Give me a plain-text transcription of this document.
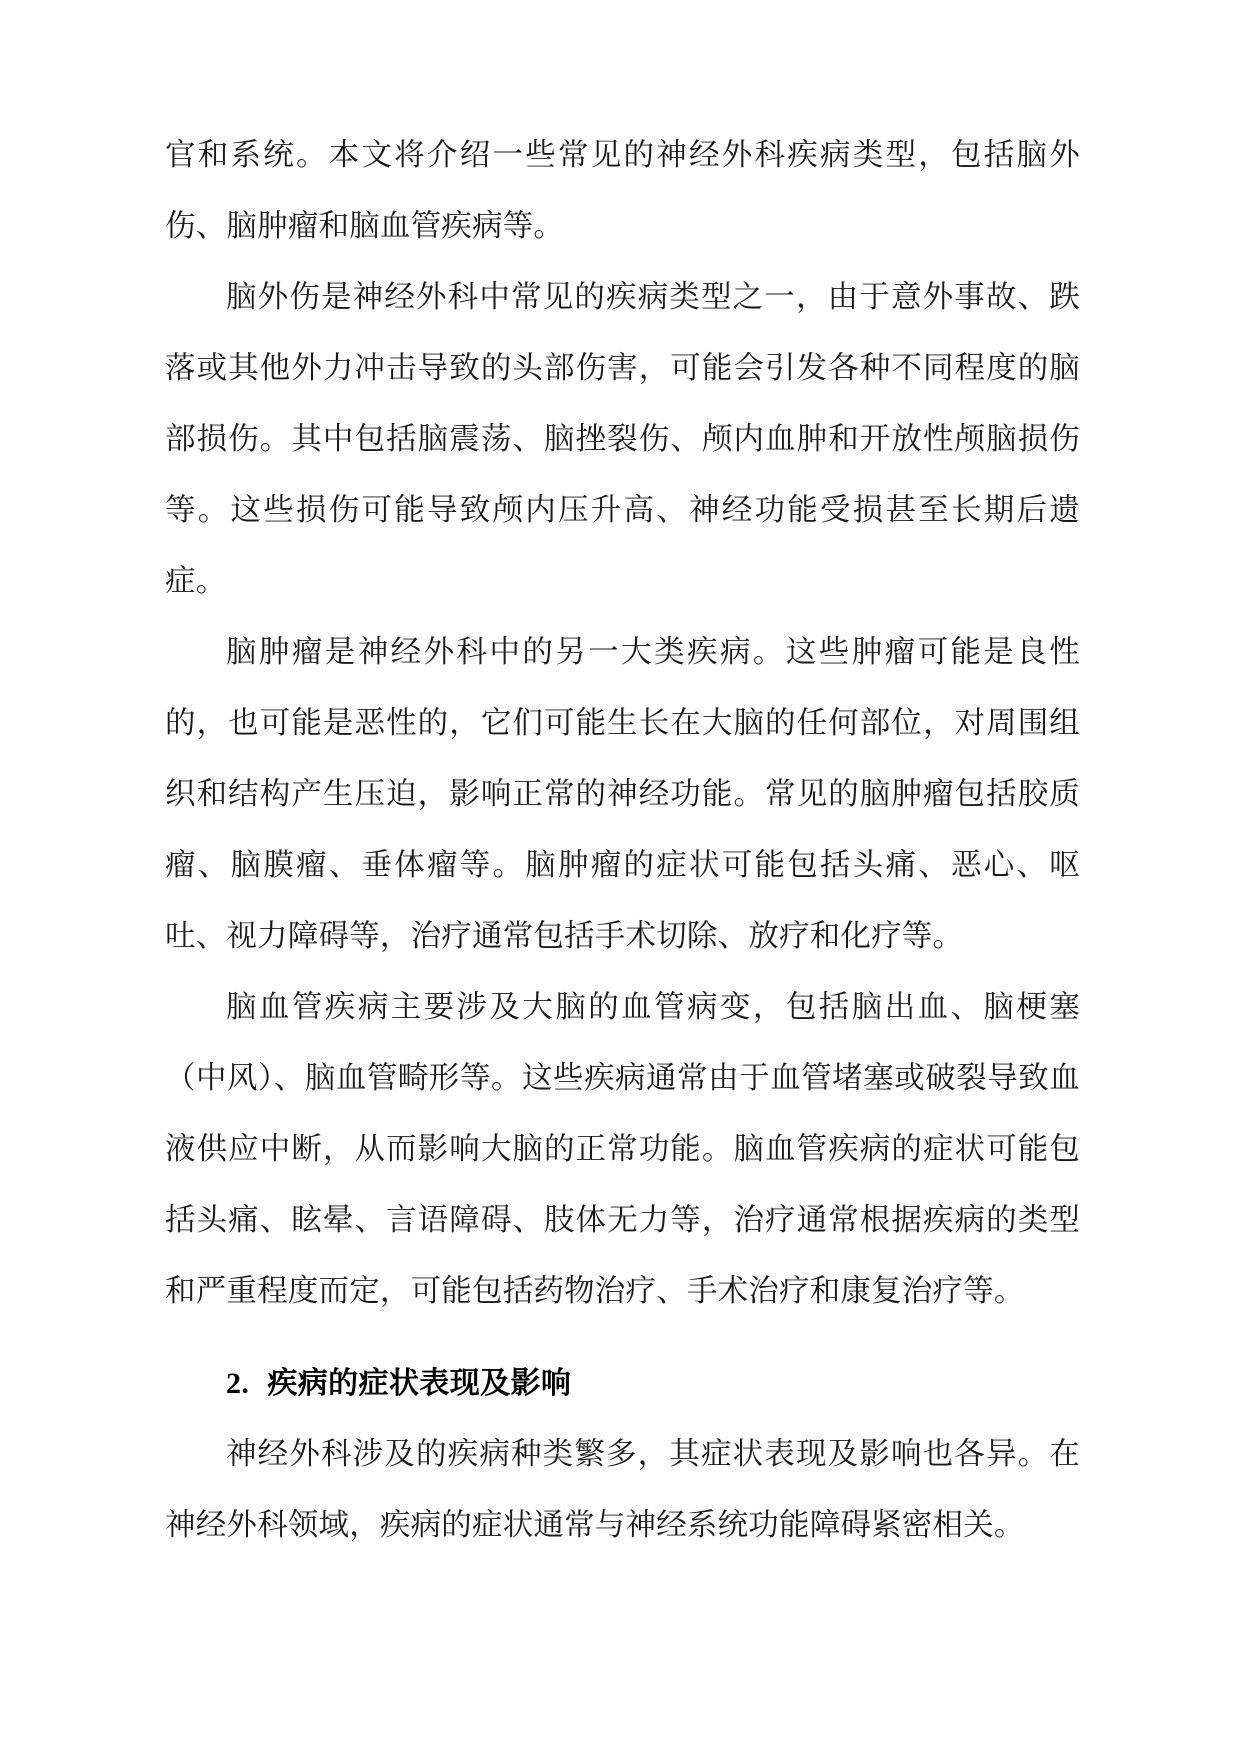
官和系统。本文将介绍一些常见的神经外科疾病类型，包括脑外伤、脑肿瘤和脑血管疾病等。

脑外伤是神经外科中常见的疾病类型之一，由于意外事故、跌落或其他外力冲击导致的头部伤害，可能会引发各种不同程度的脑部损伤。其中包括脑震荡、脑挫裂伤、颅内血肿和开放性颅脑损伤等。这些损伤可能导致颅内压升高、神经功能受损甚至长期后遗症。

脑肿瘤是神经外科中的另一大类疾病。这些肿瘤可能是良性的，也可能是恶性的，它们可能生长在大脑的任何部位，对周围组织和结构产生压迫，影响正常的神经功能。常见的脑肿瘤包括胶质瘤、脑膜瘤、垂体瘤等。脑肿瘤的症状可能包括头痛、恶心、呕吐、视力障碍等，治疗通常包括手术切除、放疗和化疗等。

脑血管疾病主要涉及大脑的血管病变，包括脑出血、脑梗塞（中风）、脑血管畸形等。这些疾病通常由于血管堵塞或破裂导致血液供应中断，从而影响大脑的正常功能。脑血管疾病的症状可能包括头痛、眩晕、言语障碍、肢体无力等，治疗通常根据疾病的类型和严重程度而定，可能包括药物治疗、手术治疗和康复治疗等。

2. 疾病的症状表现及影响

神经外科涉及的疾病种类繁多，其症状表现及影响也各异。在神经外科领域，疾病的症状通常与神经系统功能障碍紧密相关。
